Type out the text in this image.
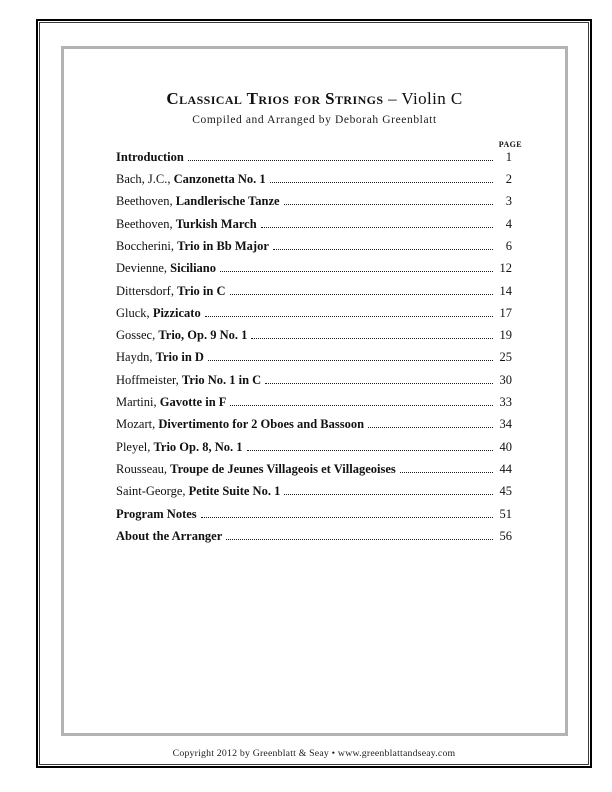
Classical Trios for Strings – Violin C
Compiled and Arranged by Deborah Greenblatt
PAGE
Introduction	1
Bach, J.C., Canzonetta No. 1	2
Beethoven, Landlerische Tanze	3
Beethoven, Turkish March	4
Boccherini, Trio in Bb Major	6
Devienne, Siciliano	12
Dittersdorf, Trio in C	14
Gluck, Pizzicato	17
Gossec, Trio, Op. 9 No. 1	19
Haydn, Trio in D	25
Hoffmeister, Trio No. 1 in C	30
Martini, Gavotte in F	33
Mozart, Divertimento for 2 Oboes and Bassoon	34
Pleyel, Trio Op. 8, No. 1	40
Rousseau, Troupe de Jeunes Villageois et Villageoises	44
Saint-George, Petite Suite No. 1	45
Program Notes	51
About the Arranger	56
Copyright 2012 by Greenblatt & Seay • www.greenblattandseay.com
